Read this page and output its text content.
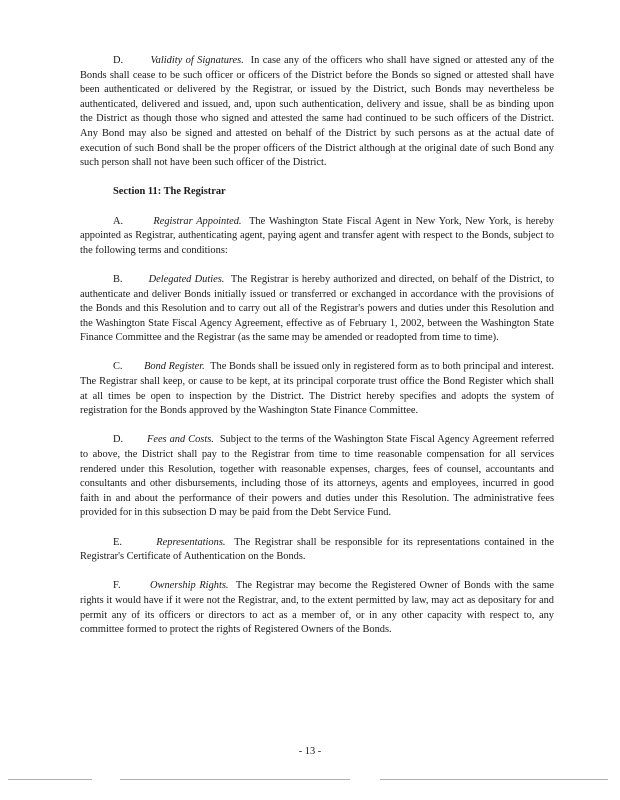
D.	Validity of Signatures. In case any of the officers who shall have signed or attested any of the Bonds shall cease to be such officer or officers of the District before the Bonds so signed or attested shall have been authenticated or delivered by the Registrar, or issued by the District, such Bonds may nevertheless be authenticated, delivered and issued, and, upon such authentication, delivery and issue, shall be as binding upon the District as though those who signed and attested the same had continued to be such officers of the District. Any Bond may also be signed and attested on behalf of the District by such persons as at the actual date of execution of such Bond shall be the proper officers of the District although at the original date of such Bond any such person shall not have been such officer of the District.

Section 11: The Registrar

A.	Registrar Appointed. The Washington State Fiscal Agent in New York, New York, is hereby appointed as Registrar, authenticating agent, paying agent and transfer agent with respect to the Bonds, subject to the following terms and conditions:

B.	Delegated Duties. The Registrar is hereby authorized and directed, on behalf of the District, to authenticate and deliver Bonds initially issued or transferred or exchanged in accordance with the provisions of the Bonds and this Resolution and to carry out all of the Registrar's powers and duties under this Resolution and the Washington State Fiscal Agency Agreement, effective as of February 1, 2002, between the Washington State Finance Committee and the Registrar (as the same may be amended or readopted from time to time).

C. Bond Register. The Bonds shall be issued only in registered form as to both principal and interest. The Registrar shall keep, or cause to be kept, at its principal corporate trust office the Bond Register which shall at all times be open to inspection by the District. The District hereby specifies and adopts the system of registration for the Bonds approved by the Washington State Finance Committee.

D. Fees and Costs. Subject to the terms of the Washington State Fiscal Agency Agreement referred to above, the District shall pay to the Registrar from time to time reasonable compensation for all services rendered under this Resolution, together with reasonable expenses, charges, fees of counsel, accountants and consultants and other disbursements, including those of its attorneys, agents and employees, incurred in good faith in and about the performance of their powers and duties under this Resolution. The administrative fees provided for in this subsection D may be paid from the Debt Service Fund.

E.	Representations. The Registrar shall be responsible for its representations contained in the Registrar's Certificate of Authentication on the Bonds.

F.	Ownership Rights. The Registrar may become the Registered Owner of Bonds with the same rights it would have if it were not the Registrar, and, to the extent permitted by law, may act as depositary for and permit any of its officers or directors to act as a member of, or in any other capacity with respect to, any committee formed to protect the rights of Registered Owners of the Bonds.

- 13 -
